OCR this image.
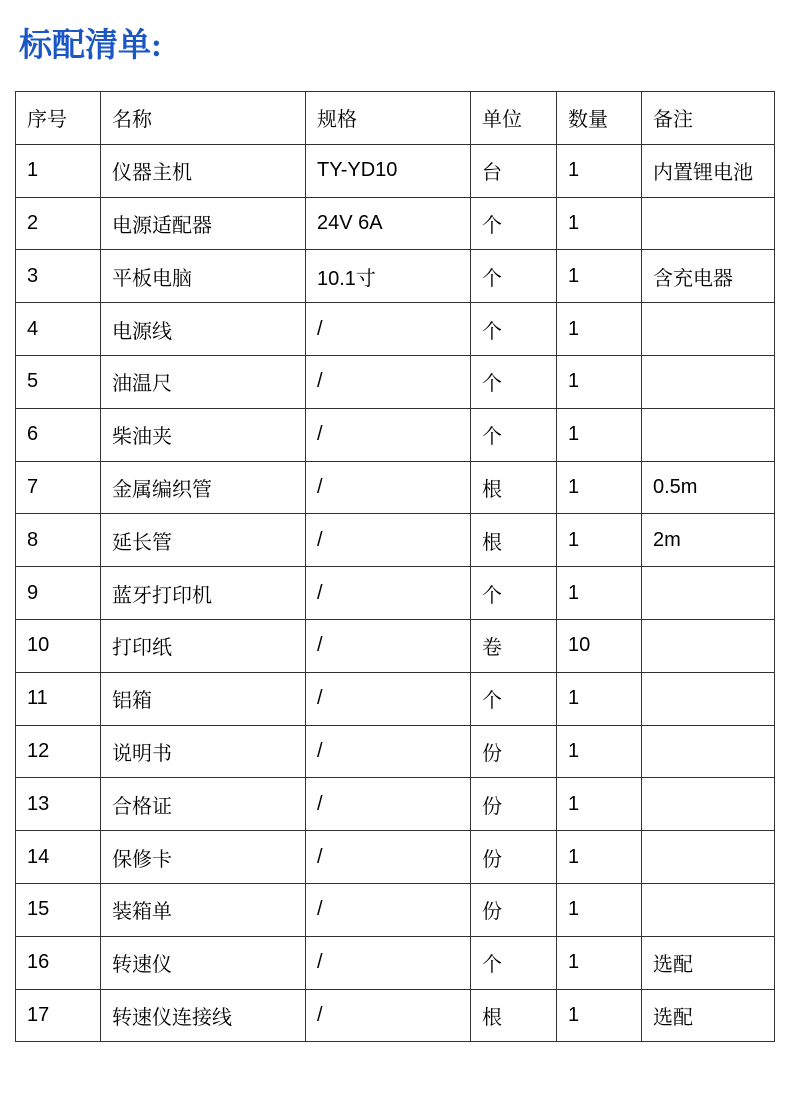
标配清单:
序号	名称	规格	单位	数量	备注
1	仪器主机	TY-YD10	台	1	内置锂电池
2	电源适配器	24V 6A	个	1	
3	平板电脑	10.1寸	个	1	含充电器
4	电源线	/	个	1	
5	油温尺	/	个	1	
6	柴油夹	/	个	1	
7	金属编织管	/	根	1	0.5m
8	延长管	/	根	1	2m
9	蓝牙打印机	/	个	1	
10	打印纸	/	卷	10	
11	铝箱	/	个	1	
12	说明书	/	份	1	
13	合格证	/	份	1	
14	保修卡	/	份	1	
15	装箱单	/	份	1	
16	转速仪	/	个	1	选配
17	转速仪连接线	/	根	1	选配
